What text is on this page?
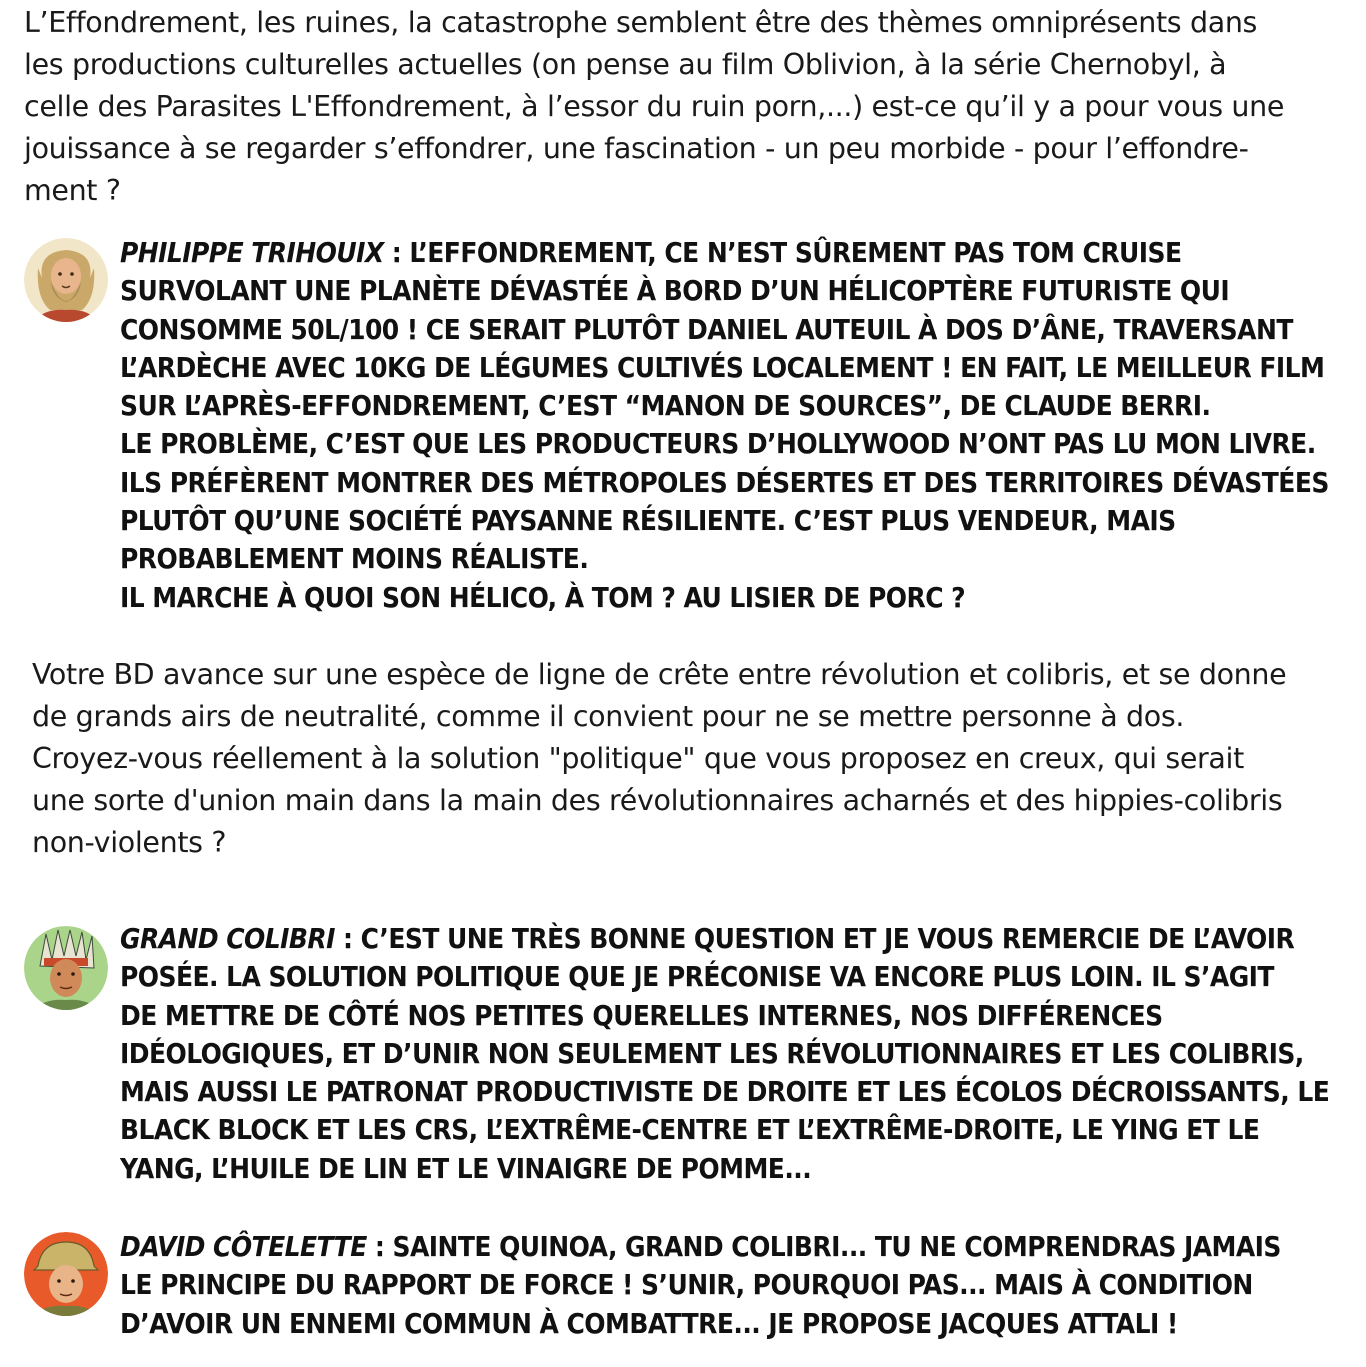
L’Effondrement, les ruines, la catastrophe semblent être des thèmes omniprésents dans
les productions culturelles actuelles (on pense au film Oblivion, à la série Chernobyl, à
celle des Parasites L'Effondrement, à l’essor du ruin porn,...) est-ce qu’il y a pour vous une
jouissance à se regarder s’effondrer, une fascination - un peu morbide - pour l’effondre-
ment ?
PHILIPPE TRIHOUIX : L’EFFONDREMENT, CE N’EST SÛREMENT PAS TOM CRUISE
SURVOLANT UNE PLANÈTE DÉVASTÉE À BORD D’UN HÉLICOPTÈRE FUTURISTE QUI
CONSOMME 50L/100 ! CE SERAIT PLUTÔT DANIEL AUTEUIL À DOS D’ÂNE, TRAVERSANT
L’ARDÈCHE AVEC 10KG DE LÉGUMES CULTIVÉS LOCALEMENT ! EN FAIT, LE MEILLEUR FILM
SUR L’APRÈS-EFFONDREMENT, C’EST “MANON DE SOURCES”, DE CLAUDE BERRI.
LE PROBLÈME, C’EST QUE LES PRODUCTEURS D’HOLLYWOOD N’ONT PAS LU MON LIVRE.
ILS PRÉFÈRENT MONTRER DES MÉTROPOLES DÉSERTES ET DES TERRITOIRES DÉVASTÉES
PLUTÔT QU’UNE SOCIÉTÉ PAYSANNE RÉSILIENTE. C’EST PLUS VENDEUR, MAIS
PROBABLEMENT MOINS RÉALISTE.
IL MARCHE À QUOI SON HÉLICO, À TOM ? AU LISIER DE PORC ?
Votre BD avance sur une espèce de ligne de crête entre révolution et colibris, et se donne
de grands airs de neutralité, comme il convient pour ne se mettre personne à dos.
Croyez-vous réellement à la solution "politique" que vous proposez en creux, qui serait
une sorte d'union main dans la main des révolutionnaires acharnés et des hippies-colibris
non-violents ?
GRAND COLIBRI : C’EST UNE TRÈS BONNE QUESTION ET JE VOUS REMERCIE DE L’AVOIR
POSÉE. LA SOLUTION POLITIQUE QUE JE PRÉCONISE VA ENCORE PLUS LOIN. IL S’AGIT
DE METTRE DE CÔTÉ NOS PETITES QUERELLES INTERNES, NOS DIFFÉRENCES
IDÉOLOGIQUES, ET D’UNIR NON SEULEMENT LES RÉVOLUTIONNAIRES ET LES COLIBRIS,
MAIS AUSSI LE PATRONAT PRODUCTIVISTE DE DROITE ET LES ÉCOLOS DÉCROISSANTS, LE
BLACK BLOCK ET LES CRS, L’EXTRÊME-CENTRE ET L’EXTRÊME-DROITE, LE YING ET LE
YANG, L’HUILE DE LIN ET LE VINAIGRE DE POMME...
DAVID CÔTELETTE : SAINTE QUINOA, GRAND COLIBRI... TU NE COMPRENDRAS JAMAIS
LE PRINCIPE DU RAPPORT DE FORCE ! S’UNIR, POURQUOI PAS... MAIS À CONDITION
D’AVOIR UN ENNEMI COMMUN À COMBATTRE... JE PROPOSE JACQUES ATTALI !
